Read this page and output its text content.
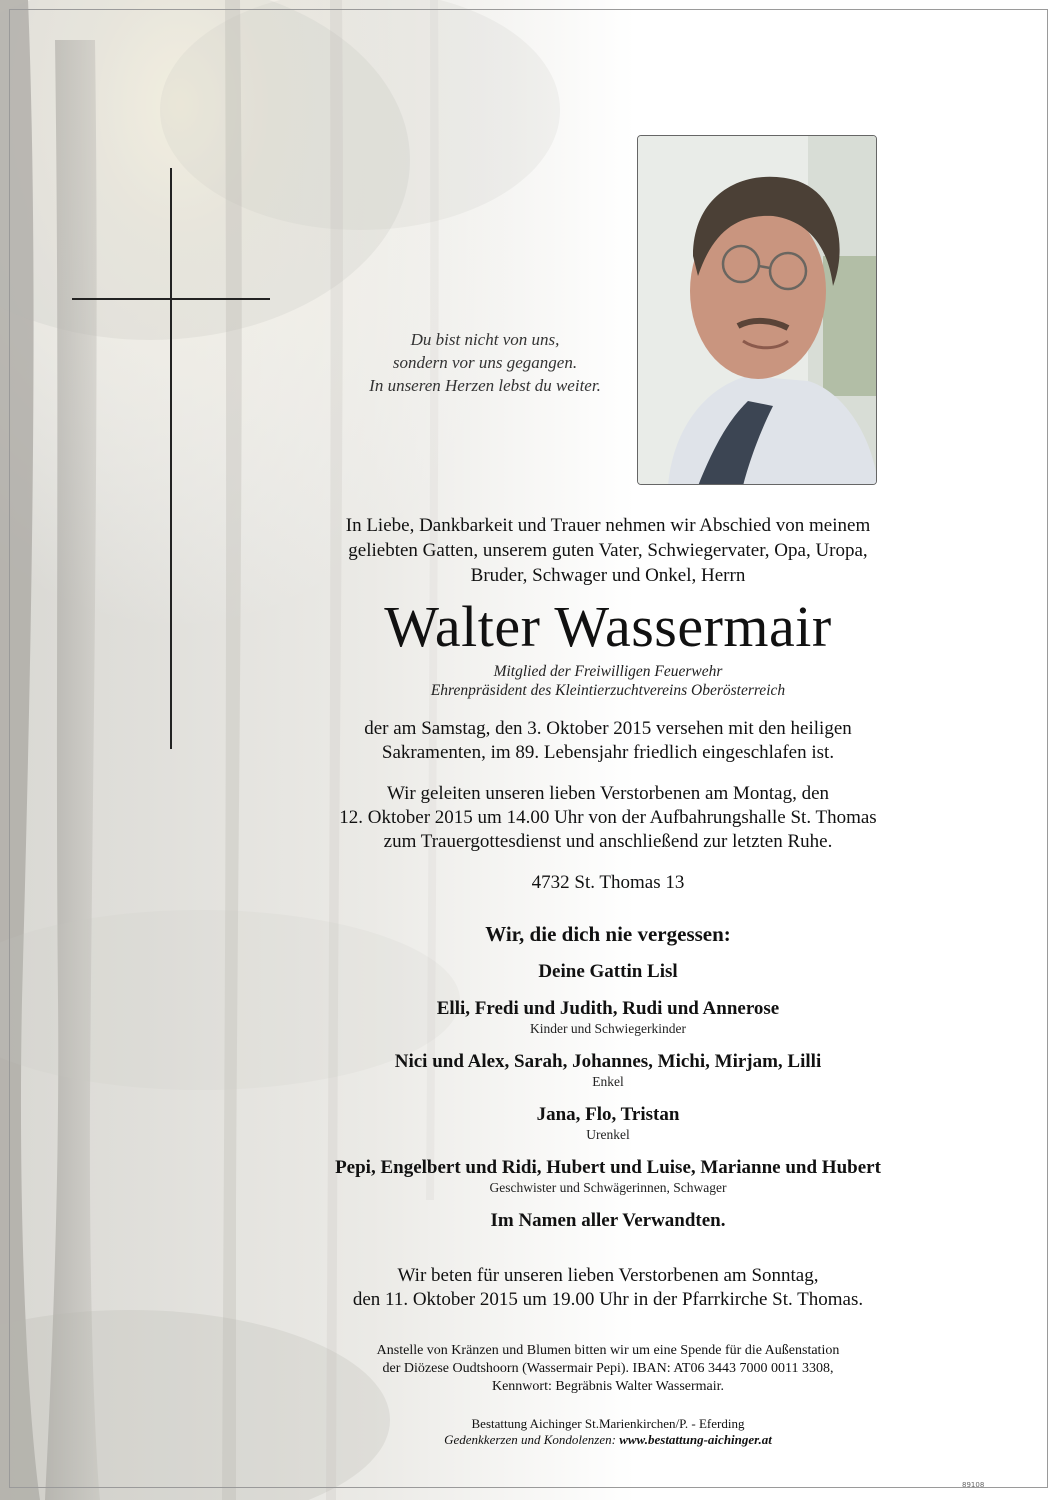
Du bist nicht von uns,
sondern vor uns gegangen.
In unseren Herzen lebst du weiter.

In Liebe, Dankbarkeit und Trauer nehmen wir Abschied von meinem

geliebten Gatten, unserem guten Vater, Schwiegervater, Opa, Uropa,

Bruder, Schwager und Onkel, Herrn

Walter Wassermair
Mitglied der Freiwilligen Feuerwehr
Ehrenpräsident des Kleintierzuchtvereins Oberösterreich

der am Samstag, den 3. Oktober 2015 versehen mit den heiligen

Sakramenten, im 89. Lebensjahr friedlich eingeschlafen ist.

Wir geleiten unseren lieben Verstorbenen am Montag, den

12. Oktober 2015 um 14.00 Uhr von der Aufbahrungshalle St. Thomas

zum Trauergottesdienst und anschließend zur letzten Ruhe.

4732 St. Thomas 13
Wir, die dich nie vergessen:
Deine Gattin Lisl
Elli, Fredi und Judith, Rudi und Annerose
Kinder und Schwiegerkinder
Nici und Alex, Sarah, Johannes, Michi, Mirjam, Lilli
Enkel
Jana, Flo, Tristan
Urenkel
Pepi, Engelbert und Ridi, Hubert und Luise, Marianne und Hubert
Geschwister und Schwägerinnen, Schwager
Im Namen aller Verwandten.

Wir beten für unseren lieben Verstorbenen am Sonntag,

den 11. Oktober 2015 um 19.00 Uhr in der Pfarrkirche St. Thomas.

Anstelle von Kränzen und Blumen bitten wir um eine Spende für die Außenstation

der Diözese Oudtshoorn (Wassermair Pepi). IBAN: AT06 3443 7000 0011 3308,

Kennwort: Begräbnis Walter Wassermair.

Bestattung Aichinger St.Marienkirchen/P. - Eferding
Gedenkkerzen und Kondolenzen: www.bestattung-aichinger.at
89108
